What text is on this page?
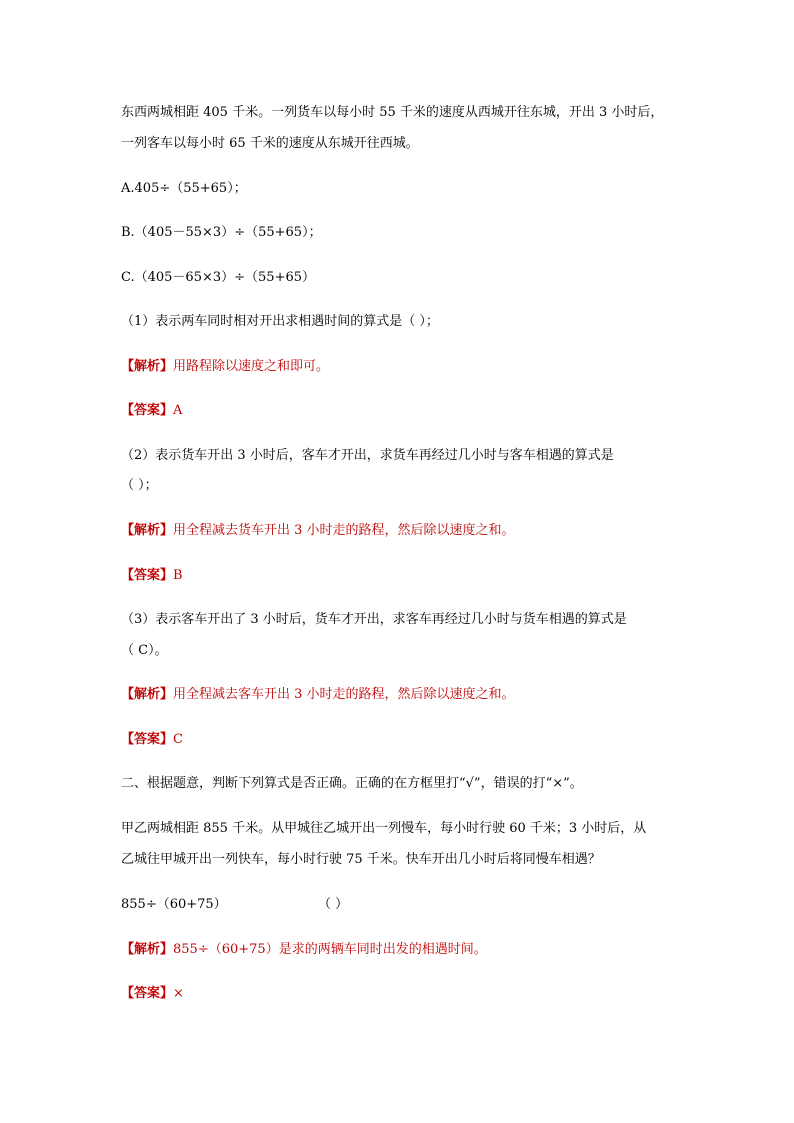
东西两城相距 405 千米。一列货车以每小时 55 千米的速度从西城开往东城，开出 3 小时后，
一列客车以每小时 65 千米的速度从东城开往西城。
A.405÷（55+65）；
B.（405－55×3）÷（55+65）；
C.（405－65×3）÷（55+65）
（1）表示两车同时相对开出求相遇时间的算式是（ ）；
【解析】用路程除以速度之和即可。
【答案】A
（2）表示货车开出 3 小时后，客车才开出，求货车再经过几小时与客车相遇的算式是
（ ）；
【解析】用全程减去货车开出 3 小时走的路程，然后除以速度之和。
【答案】B
（3）表示客车开出了 3 小时后，货车才开出，求客车再经过几小时与货车相遇的算式是
（ C）。
【解析】用全程减去客车开出 3 小时走的路程，然后除以速度之和。
【答案】C
二、根据题意，判断下列算式是否正确。正确的在方框里打“√”，错误的打“×”。
甲乙两城相距 855 千米。从甲城往乙城开出一列慢车，每小时行驶 60 千米；3 小时后，从
乙城往甲城开出一列快车，每小时行驶 75 千米。快车开出几小时后将同慢车相遇？
855÷（60+75）	（ ）
【解析】855÷（60+75）是求的两辆车同时出发的相遇时间。
【答案】×
